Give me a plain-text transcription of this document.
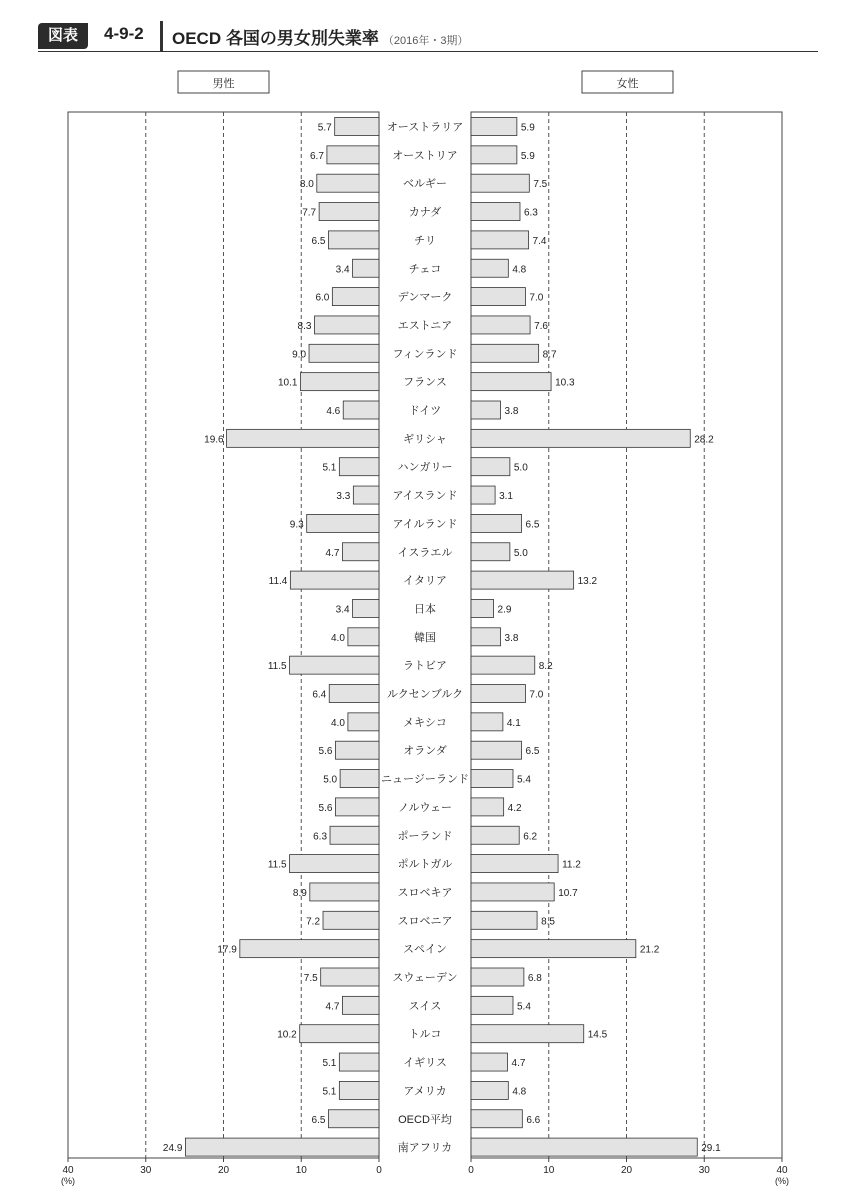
図表	4-9-2 OECD 各国の男女別失業率 （2016年・3期）
男性	女性
5.7	5.9
オーストラリア
6.7	5.9
オーストリア
8.0	7.5
ベルギー
7.7	6.3
カナダ
6.5	7.4
チリ
3.4	4.8
チェコ
6.0	7.0
デンマーク
8.3	7.6
エストニア
9.0	8.7
フィンランド
10.1	10.3
フランス
4.6	3.8
ドイツ
19.6	28.2
ギリシャ
5.1	5.0
ハンガリー
3.3	3.1
アイスランド
9.3	6.5
アイルランド
4.7	5.0
イスラエル
11.4	13.2
イタリア
3.4	2.9
日本
4.0	3.8
韓国
11.5	8.2
ラトビア
6.4	7.0
ルクセンブルク
4.0	4.1
メキシコ
5.6	6.5
オランダ
5.0	5.4
ニュージーランド
5.6	4.2
ノルウェー
6.3	6.2
ポーランド
11.5	11.2
ポルトガル
8.9	10.7
スロベキア
7.2	8.5
スロベニア
17.9	21.2
スペイン
7.5	6.8
スウェーデン
4.7	5.4
スイス
10.2	14.5
トルコ
5.1	4.7
イギリス
5.1	4.8
アメリカ
6.5	6.6
OECD平均
24.9	29.1
南アフリカ
0	0
10	10
20	20
30	30
40	40
(%)	(%)
